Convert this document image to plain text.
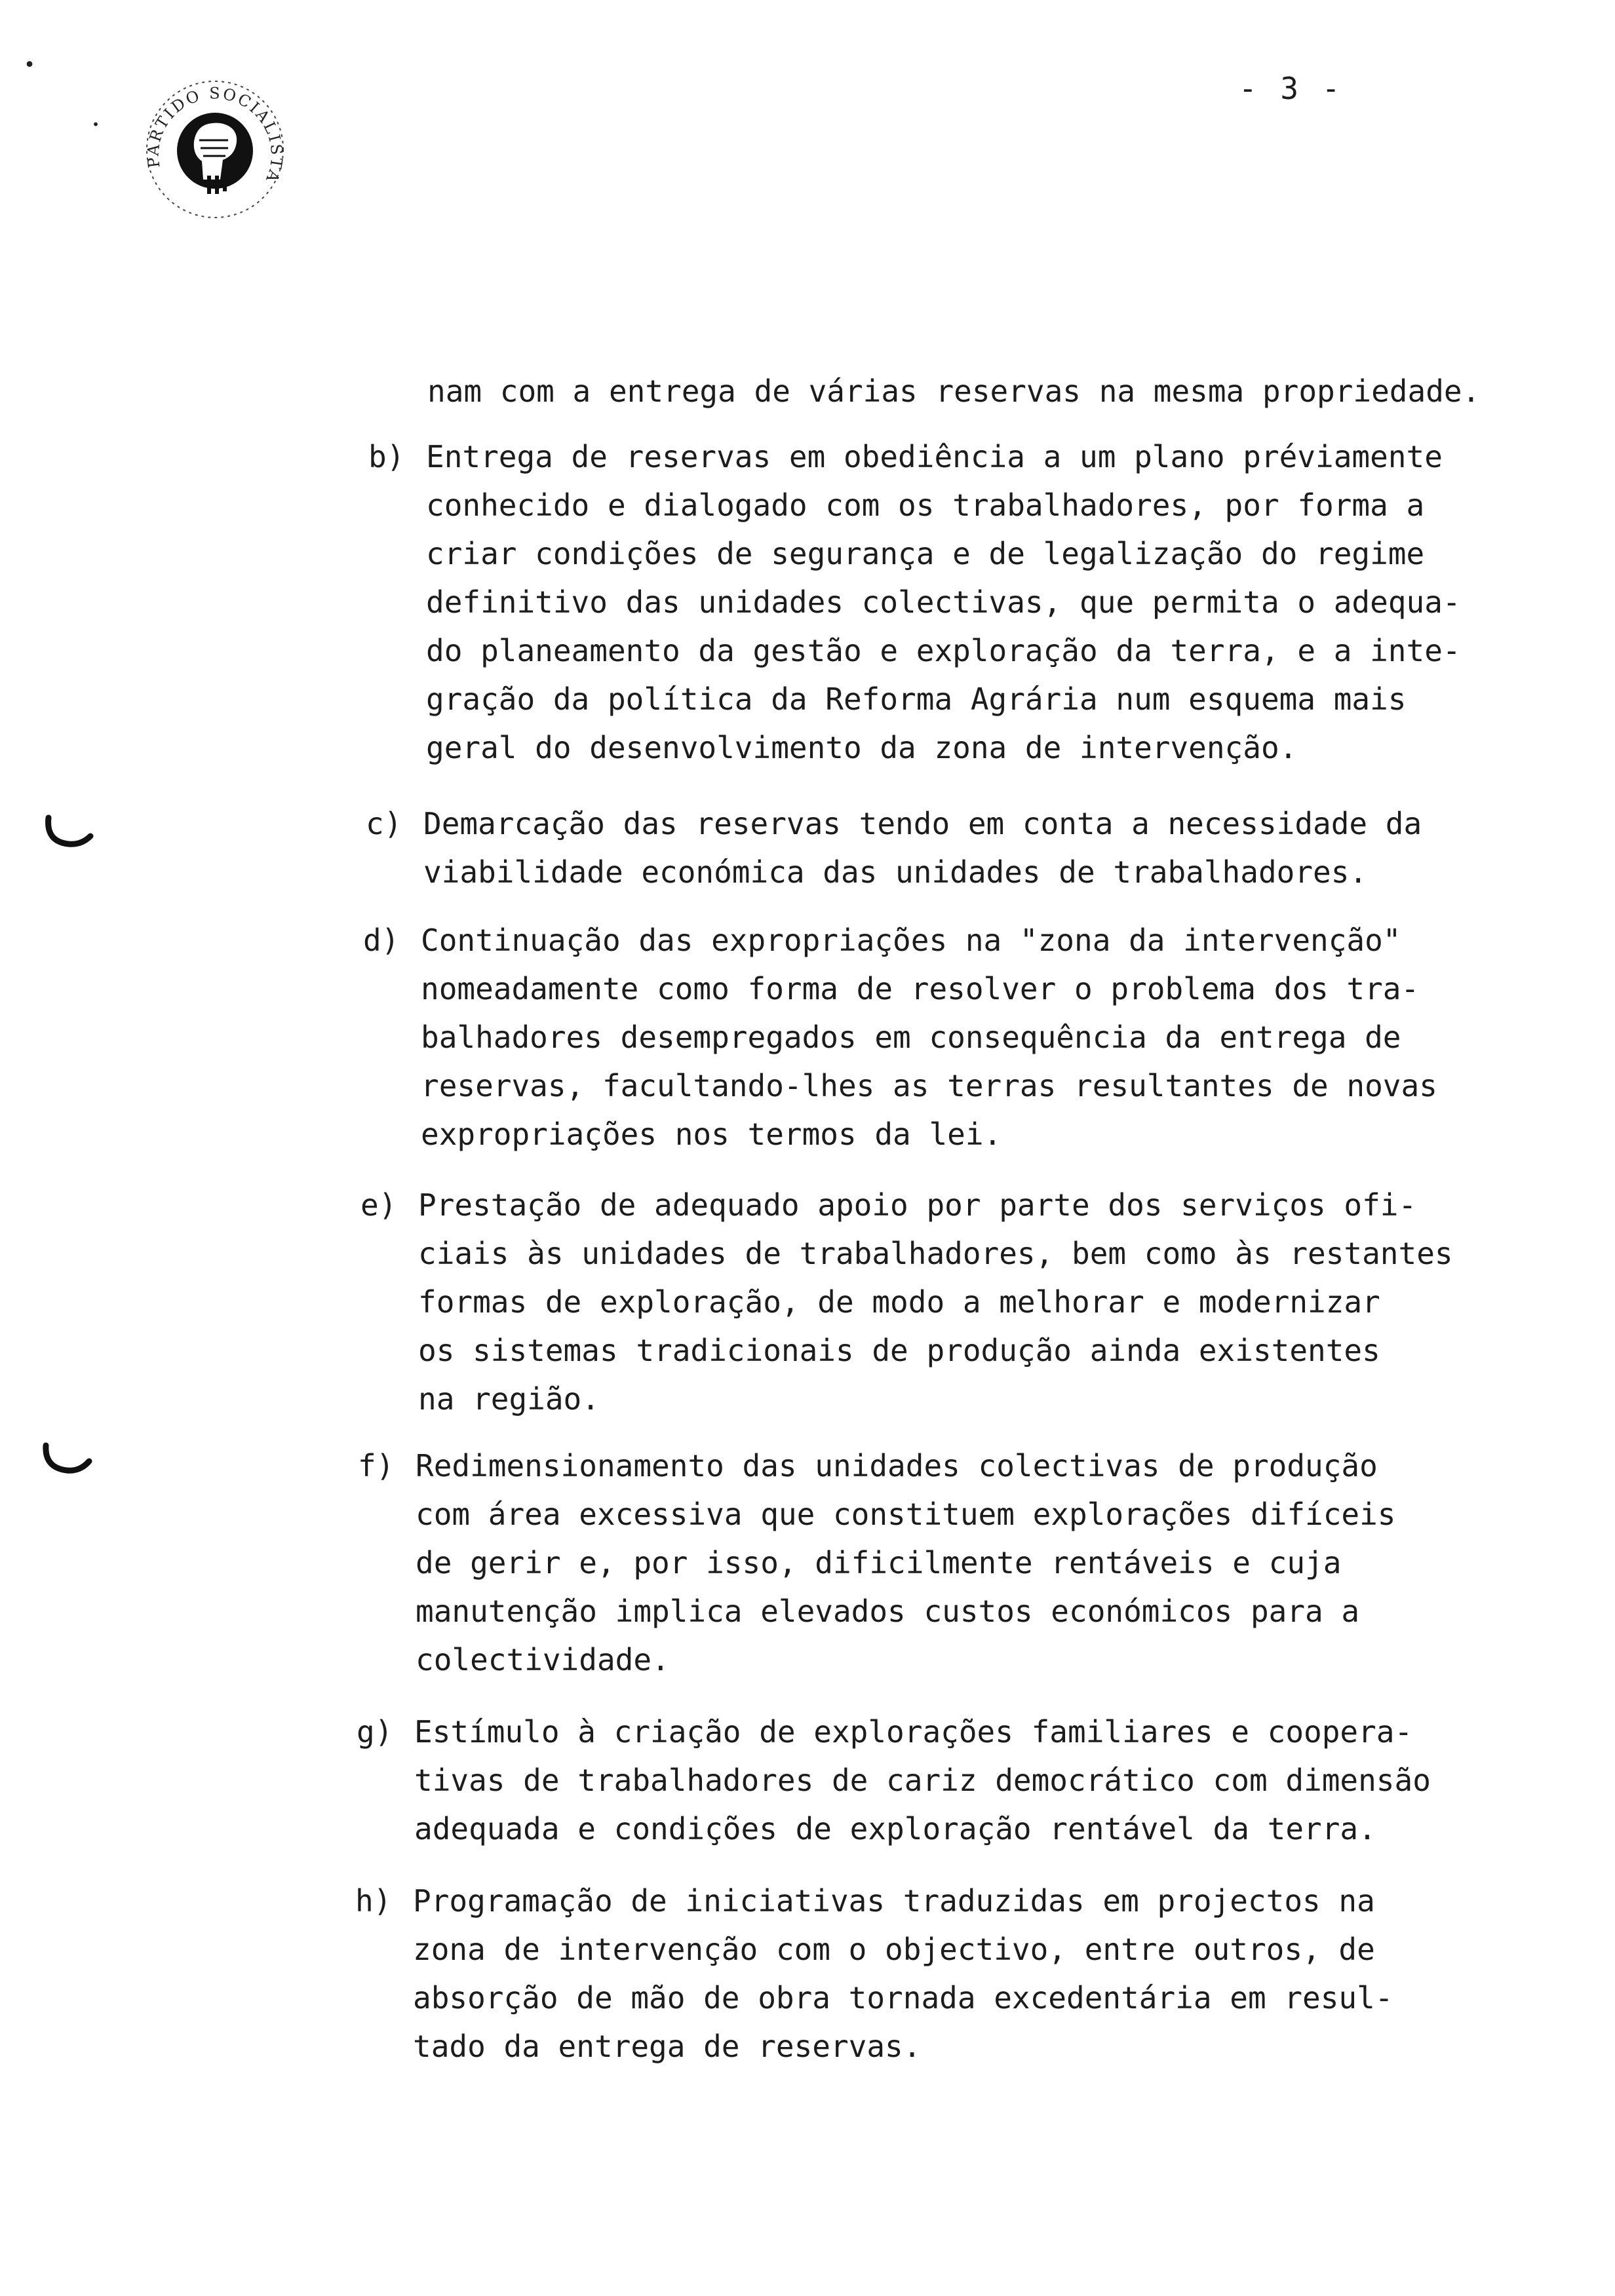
- 3 -
PARTIDO SOCIALISTA
nam com a entrega de várias reservas na mesma propriedade.
b) Entrega de reservas em obediência a um plano préviamente
conhecido e dialogado com os trabalhadores, por forma a
criar condições de segurança e de legalização do regime
definitivo das unidades colectivas, que permita o adequa-
do planeamento da gestão e exploração da terra, e a inte-
gração da política da Reforma Agrária num esquema mais
geral do desenvolvimento da zona de intervenção.
c) Demarcação das reservas tendo em conta a necessidade da
viabilidade económica das unidades de trabalhadores.
d) Continuação das expropriações na "zona da intervenção"
nomeadamente como forma de resolver o problema dos tra-
balhadores desempregados em consequência da entrega de
reservas, facultando-lhes as terras resultantes de novas
expropriações nos termos da lei.
e) Prestação de adequado apoio por parte dos serviços ofi-
ciais às unidades de trabalhadores, bem como às restantes
formas de exploração, de modo a melhorar e modernizar
os sistemas tradicionais de produção ainda existentes
na região.
f) Redimensionamento das unidades colectivas de produção
com área excessiva que constituem explorações difíceis
de gerir e, por isso, dificilmente rentáveis e cuja
manutenção implica elevados custos económicos para a
colectividade.
g) Estímulo à criação de explorações familiares e coopera-
tivas de trabalhadores de cariz democrático com dimensão
adequada e condições de exploração rentável da terra.
h) Programação de iniciativas traduzidas em projectos na
zona de intervenção com o objectivo, entre outros, de
absorção de mão de obra tornada excedentária em resul-
tado da entrega de reservas.
•
•
